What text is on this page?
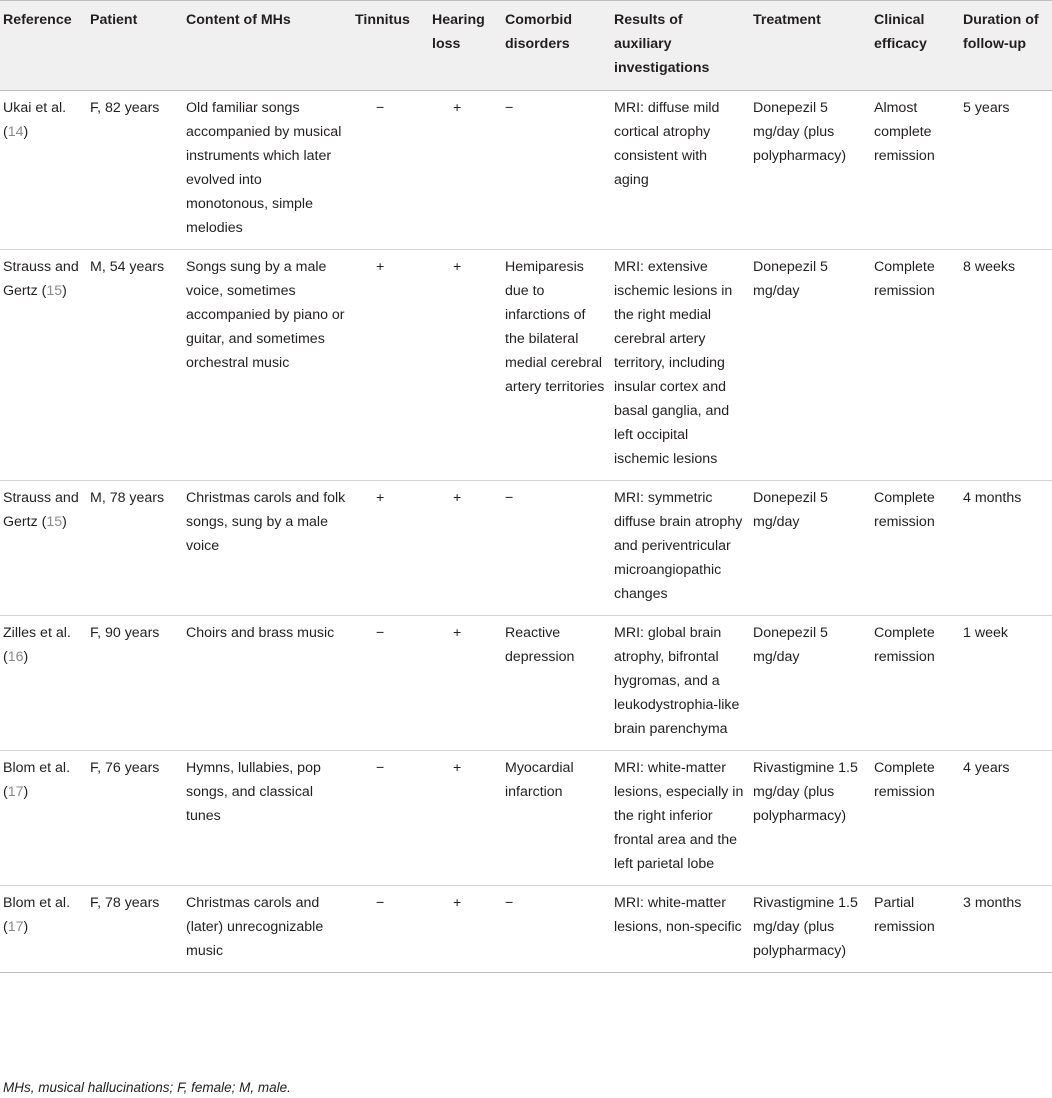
Reference	Patient	Content of MHs	Tinnitus	Hearing loss	Comorbid disorders	Results of auxiliary investigations	Treatment	Clinical efficacy	Duration of follow-up
Ukai et al. (14)	F, 82 years	Old familiar songs accompanied by musical instruments which later evolved into monotonous, simple melodies	−	+	−	MRI: diffuse mild cortical atrophy consistent with aging	Donepezil 5 mg/day (plus polypharmacy)	Almost complete remission	5 years
Strauss and Gertz (15)	M, 54 years	Songs sung by a male voice, sometimes accompanied by piano or guitar, and sometimes orchestral music	+	+	Hemiparesis due to infarctions of the bilateral medial cerebral artery territories	MRI: extensive ischemic lesions in the right medial cerebral artery territory, including insular cortex and basal ganglia, and left occipital ischemic lesions	Donepezil 5 mg/day	Complete remission	8 weeks
Strauss and Gertz (15)	M, 78 years	Christmas carols and folk songs, sung by a male voice	+	+	−	MRI: symmetric diffuse brain atrophy and periventricular microangiopathic changes	Donepezil 5 mg/day	Complete remission	4 months
Zilles et al. (16)	F, 90 years	Choirs and brass music	−	+	Reactive depression	MRI: global brain atrophy, bifrontal hygromas, and a leukodystrophia-like brain parenchyma	Donepezil 5 mg/day	Complete remission	1 week
Blom et al. (17)	F, 76 years	Hymns, lullabies, pop songs, and classical tunes	−	+	Myocardial infarction	MRI: white-matter lesions, especially in the right inferior frontal area and the left parietal lobe	Rivastigmine 1.5 mg/day (plus polypharmacy)	Complete remission	4 years
Blom et al. (17)	F, 78 years	Christmas carols and (later) unrecognizable music	−	+	−	MRI: white-matter lesions, non-specific	Rivastigmine 1.5 mg/day (plus polypharmacy)	Partial remission	3 months
MHs, musical hallucinations; F, female; M, male.
